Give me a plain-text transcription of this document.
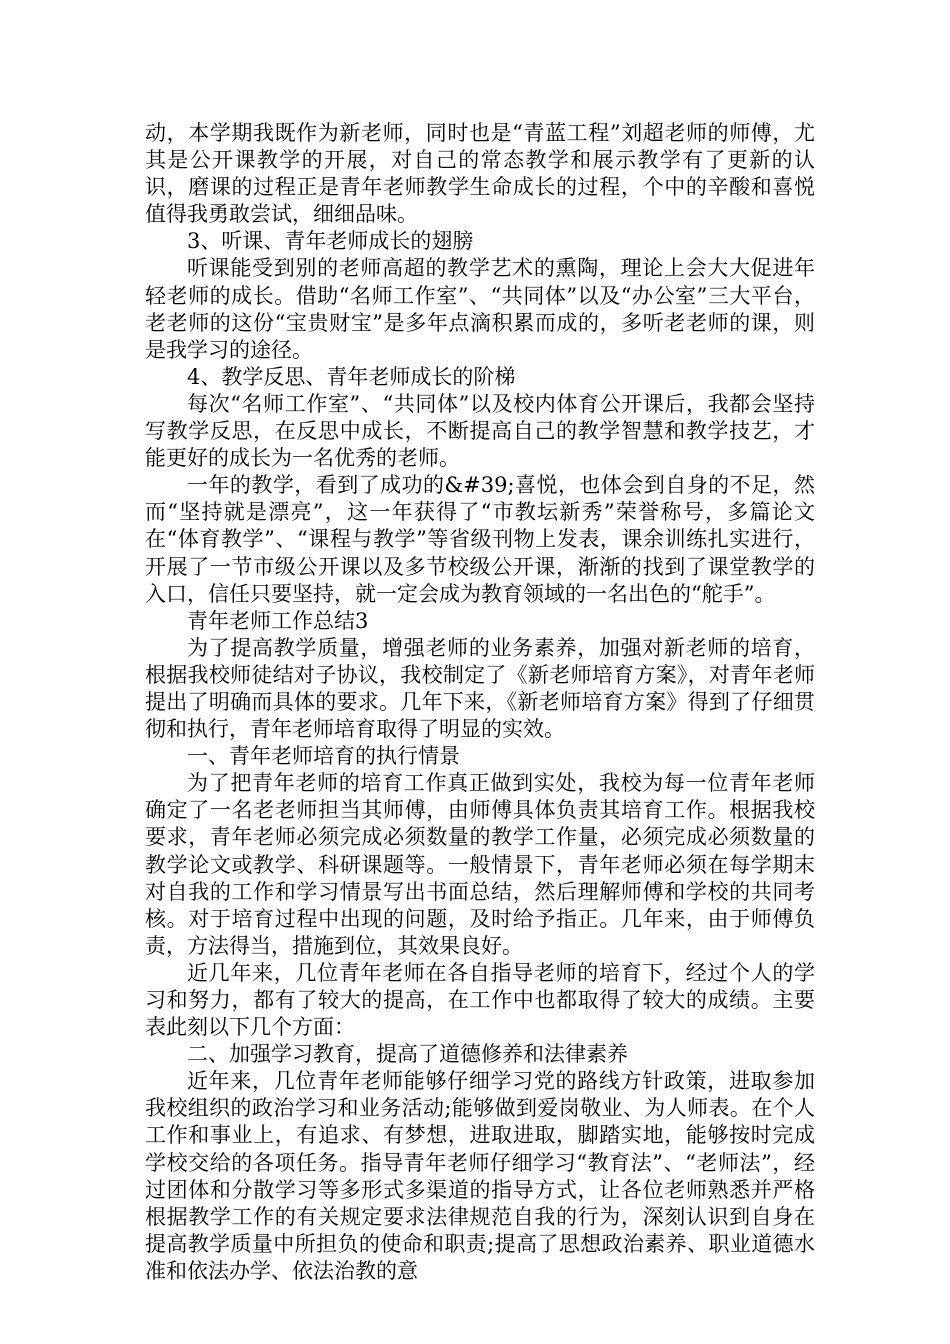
动，本学期我既作为新老师，同时也是“青蓝工程”刘超老师的师傅，尤其是公开课教学的开展，对自己的常态教学和展示教学有了更新的认识，磨课的过程正是青年老师教学生命成长的过程，个中的辛酸和喜悦值得我勇敢尝试，细细品味。

3、听课、青年老师成长的翅膀

听课能受到别的老师高超的教学艺术的熏陶，理论上会大大促进年轻老师的成长。借助“名师工作室”、“共同体”以及“办公室”三大平台，老老师的这份“宝贵财宝”是多年点滴积累而成的，多听老老师的课，则是我学习的途径。

4、教学反思、青年老师成长的阶梯

每次“名师工作室”、“共同体”以及校内体育公开课后，我都会坚持写教学反思，在反思中成长，不断提高自己的教学智慧和教学技艺，才能更好的成长为一名优秀的老师。

一年的教学，看到了成功的&#39;喜悦，也体会到自身的不足，然而“坚持就是漂亮”，这一年获得了“市教坛新秀”荣誉称号，多篇论文在“体育教学”、“课程与教学”等省级刊物上发表，课余训练扎实进行，开展了一节市级公开课以及多节校级公开课，渐渐的找到了课堂教学的入口，信任只要坚持，就一定会成为教育领域的一名出色的“舵手”。

青年老师工作总结3

为了提高教学质量，增强老师的业务素养，加强对新老师的培育，根据我校师徒结对子协议，我校制定了《新老师培育方案》，对青年老师提出了明确而具体的要求。几年下来，《新老师培育方案》得到了仔细贯彻和执行，青年老师培育取得了明显的实效。

一、青年老师培育的执行情景

为了把青年老师的培育工作真正做到实处，我校为每一位青年老师确定了一名老老师担当其师傅，由师傅具体负责其培育工作。根据我校要求，青年老师必须完成必须数量的教学工作量，必须完成必须数量的教学论文或教学、科研课题等。一般情景下，青年老师必须在每学期末对自我的工作和学习情景写出书面总结，然后理解师傅和学校的共同考核。对于培育过程中出现的问题，及时给予指正。几年来，由于师傅负责，方法得当，措施到位，其效果良好。

近几年来，几位青年老师在各自指导老师的培育下，经过个人的学习和努力，都有了较大的提高，在工作中也都取得了较大的成绩。主要表此刻以下几个方面：

二、加强学习教育，提高了道德修养和法律素养

近年来，几位青年老师能够仔细学习党的路线方针政策，进取参加我校组织的政治学习和业务活动;能够做到爱岗敬业、为人师表。在个人工作和事业上，有追求、有梦想，进取进取，脚踏实地，能够按时完成学校交给的各项任务。指导青年老师仔细学习“教育法”、“老师法”，经过团体和分散学习等多形式多渠道的指导方式，让各位老师熟悉并严格根据教学工作的有关规定要求法律规范自我的行为，深刻认识到自身在提高教学质量中所担负的使命和职责;提高了思想政治素养、职业道德水准和依法办学、依法治教的意
